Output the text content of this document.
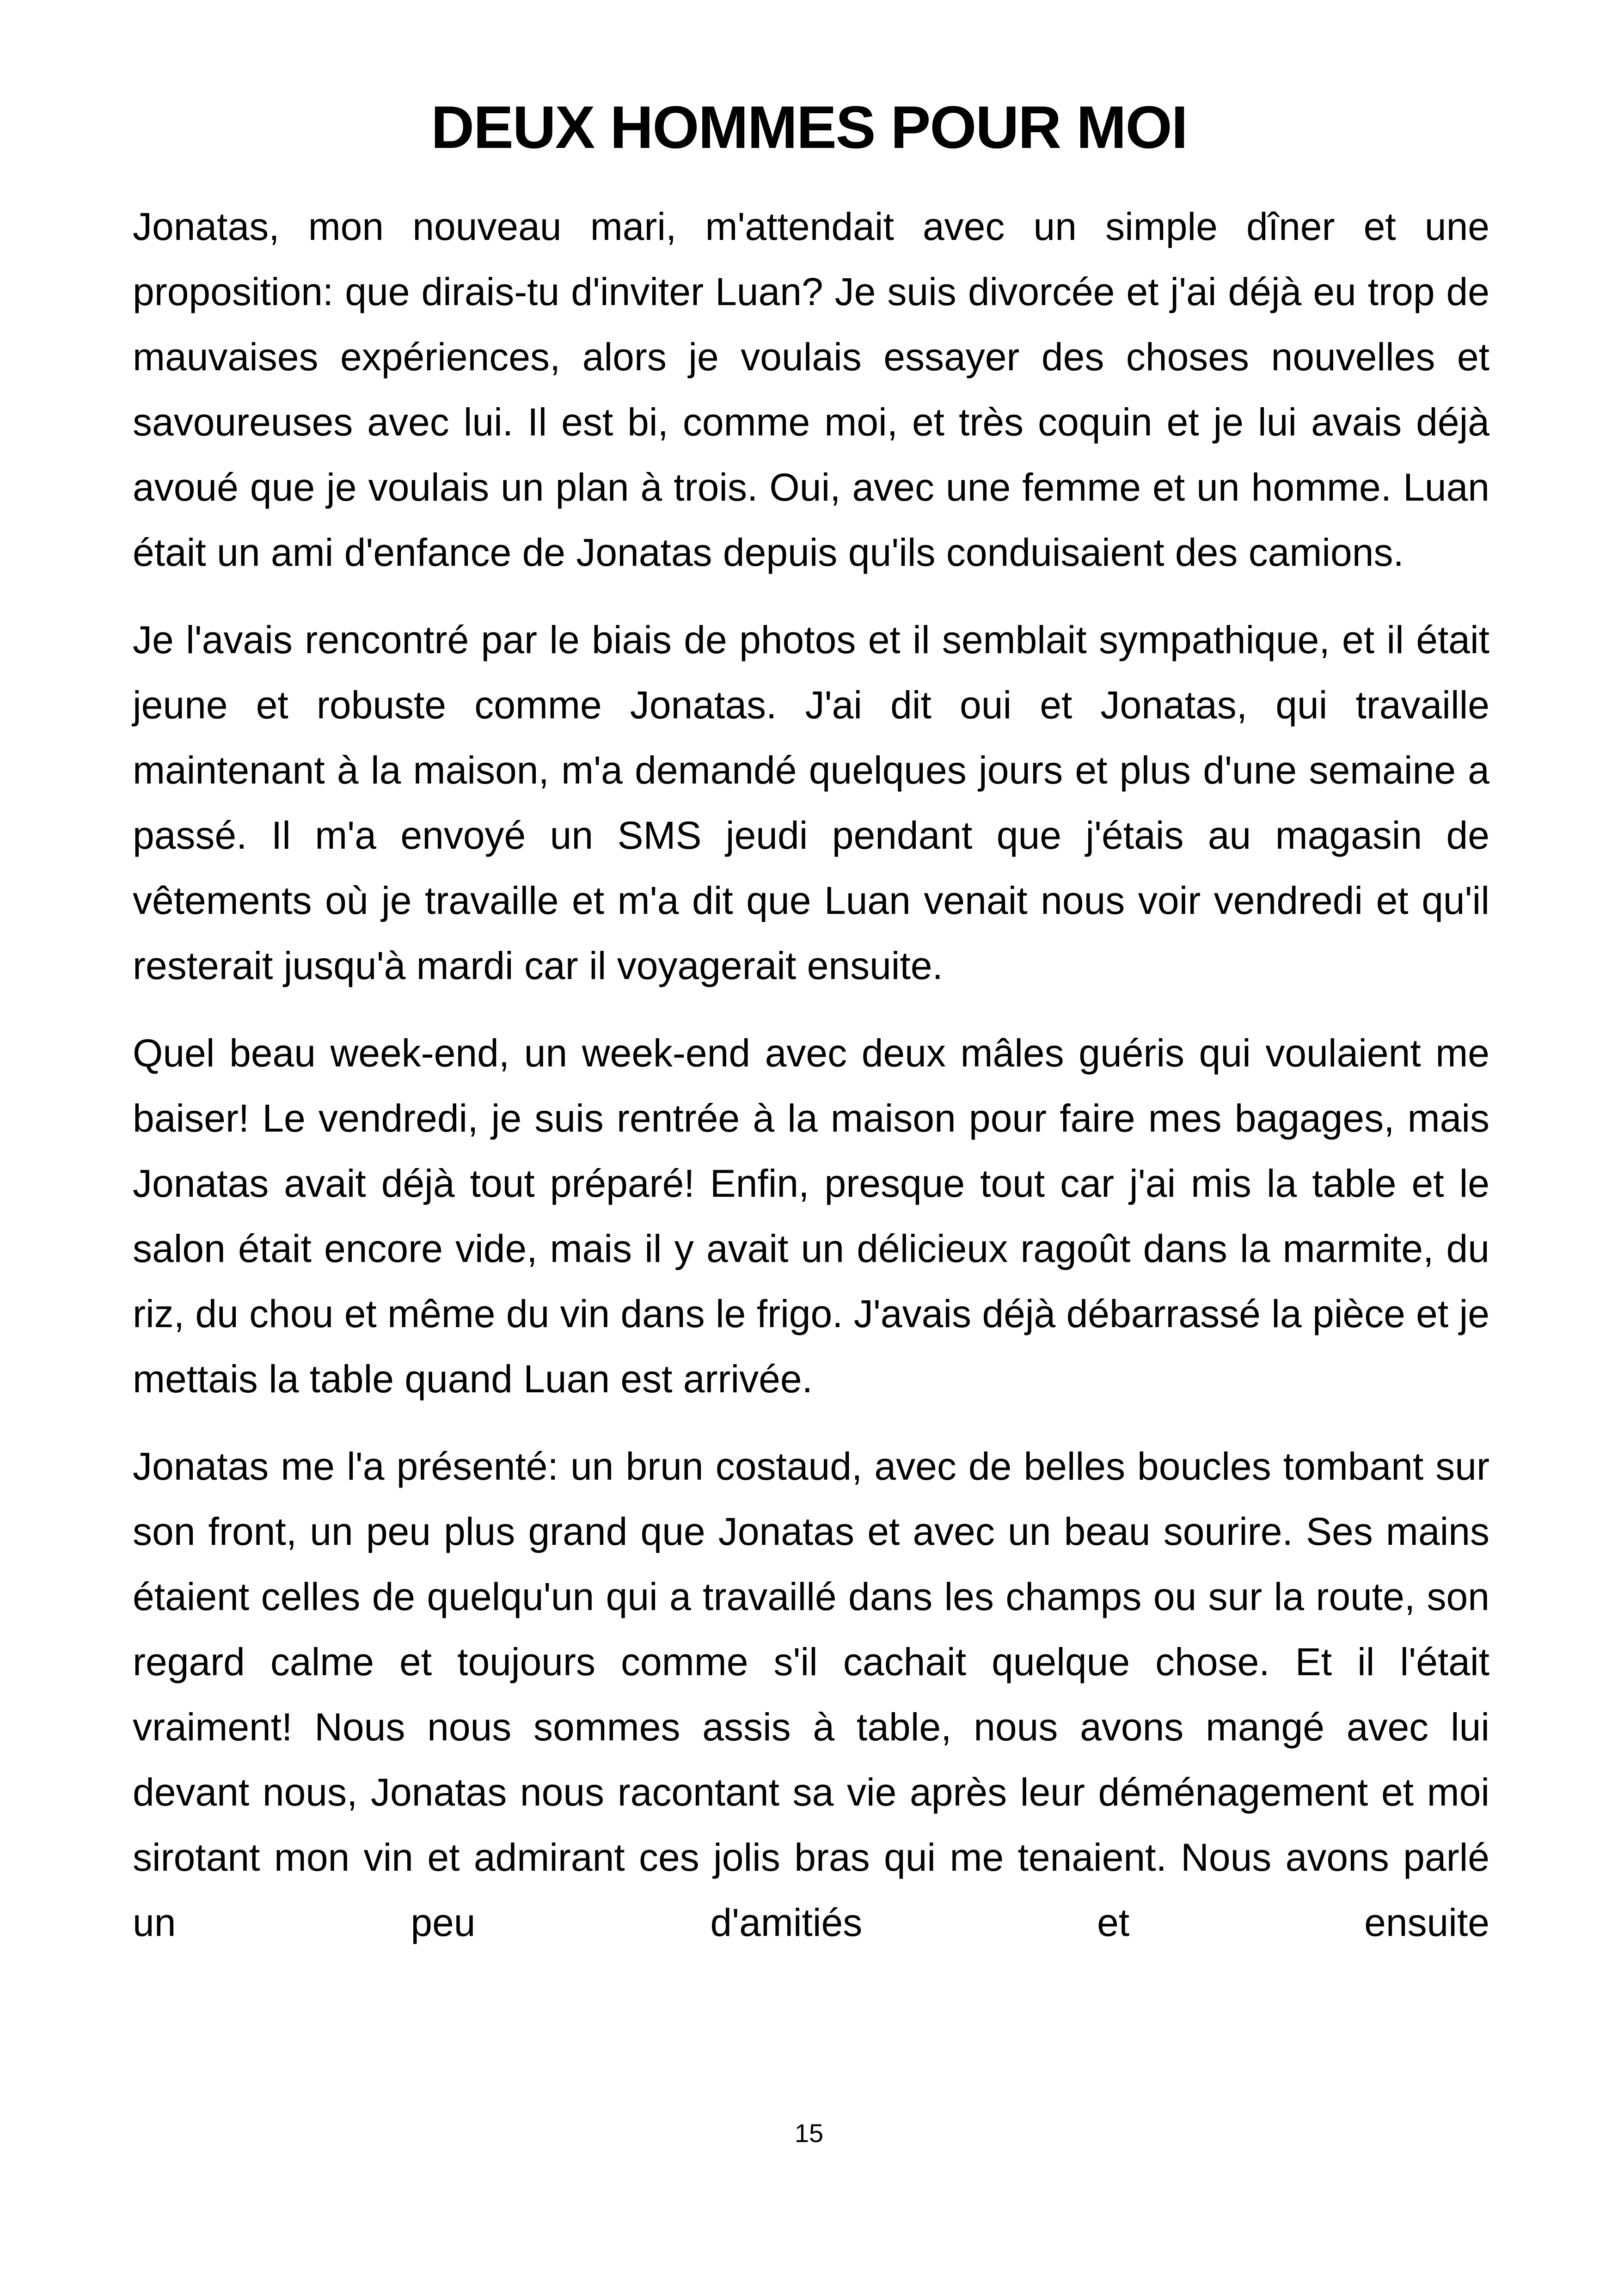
DEUX HOMMES POUR MOI

Jonatas, mon nouveau mari, m'attendait avec un simple dîner et une proposition: que dirais-tu d'inviter Luan? Je suis divorcée et j'ai déjà eu trop de mauvaises expériences, alors je voulais essayer des choses nouvelles et savoureuses avec lui. Il est bi, comme moi, et très coquin et je lui avais déjà avoué que je voulais un plan à trois. Oui, avec une femme et un homme. Luan était un ami d'enfance de Jonatas depuis qu'ils conduisaient des camions.

Je l'avais rencontré par le biais de photos et il semblait sympathique, et il était jeune et robuste comme Jonatas. J'ai dit oui et Jonatas, qui travaille maintenant à la maison, m'a demandé quelques jours et plus d'une semaine a passé. Il m'a envoyé un SMS jeudi pendant que j'étais au magasin de vêtements où je travaille et m'a dit que Luan venait nous voir vendredi et qu'il resterait jusqu'à mardi car il voyagerait ensuite.

Quel beau week-end, un week-end avec deux mâles guéris qui voulaient me baiser! Le vendredi, je suis rentrée à la maison pour faire mes bagages, mais Jonatas avait déjà tout préparé! Enfin, presque tout car j'ai mis la table et le salon était encore vide, mais il y avait un délicieux ragoût dans la marmite, du riz, du chou et même du vin dans le frigo. J'avais déjà débarrassé la pièce et je mettais la table quand Luan est arrivée.

Jonatas me l'a présenté: un brun costaud, avec de belles boucles tombant sur son front, un peu plus grand que Jonatas et avec un beau sourire. Ses mains étaient celles de quelqu'un qui a travaillé dans les champs ou sur la route, son regard calme et toujours comme s'il cachait quelque chose. Et il l'était vraiment! Nous nous sommes assis à table, nous avons mangé avec lui devant nous, Jonatas nous racontant sa vie après leur déménagement et moi sirotant mon vin et admirant ces jolis bras qui me tenaient. Nous avons parlé un peu d'amitiés et ensuite

15
